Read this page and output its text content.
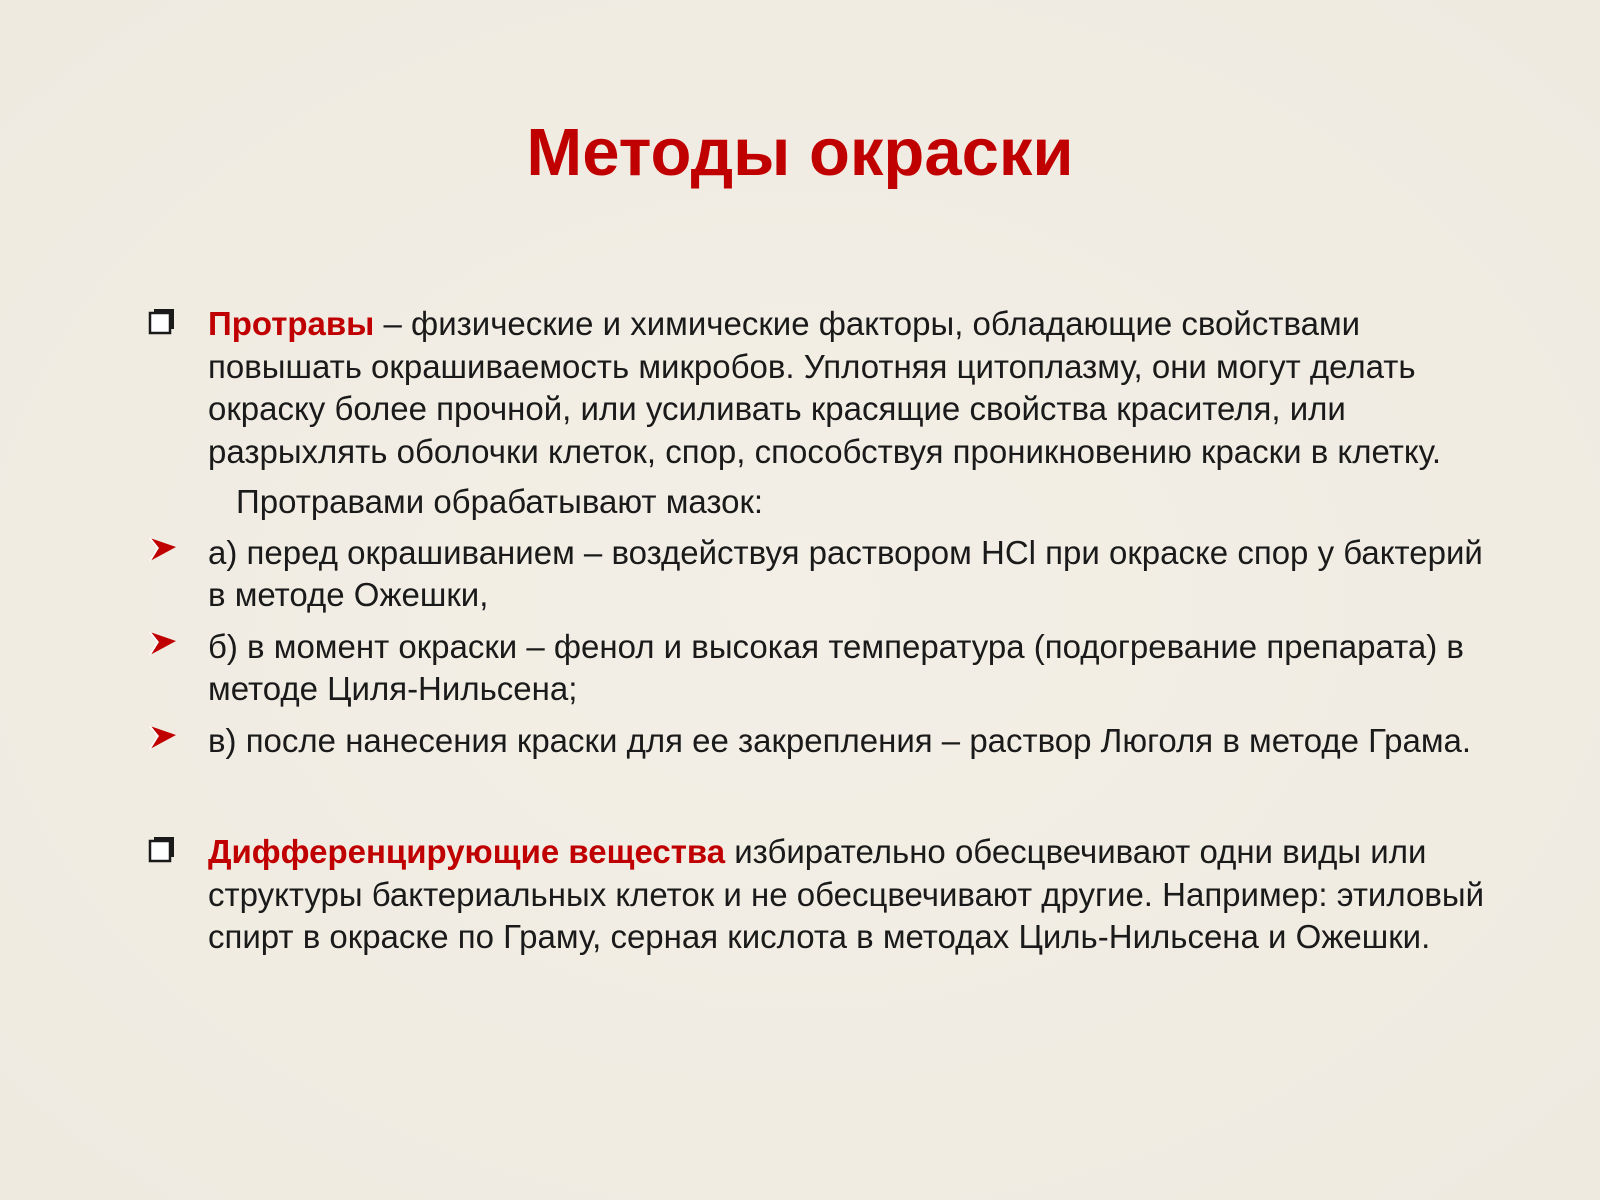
Методы окраски
Протравы – физические и химические факторы, обладающие свойствами повышать окрашиваемость микробов. Уплотняя цитоплазму, они могут делать окраску более прочной, или усиливать красящие свойства красителя, или разрыхлять оболочки клеток, спор, способствуя проникновению краски в клетку.
Протравами обрабатывают мазок:
а) перед окрашиванием – воздействуя раствором HCl при окраске спор у бактерий в методе Ожешки,
б) в момент окраски – фенол и высокая температура (подогревание препарата) в методе Циля-Нильсена;
в) после нанесения краски для ее закрепления – раствор Люголя в методе Грама.
Дифференцирующие вещества избирательно обесцвечивают одни виды или структуры бактериальных клеток и не обесцвечивают другие. Например: этиловый спирт в окраске по Граму, серная кислота в методах Циль-Нильсена и Ожешки.
